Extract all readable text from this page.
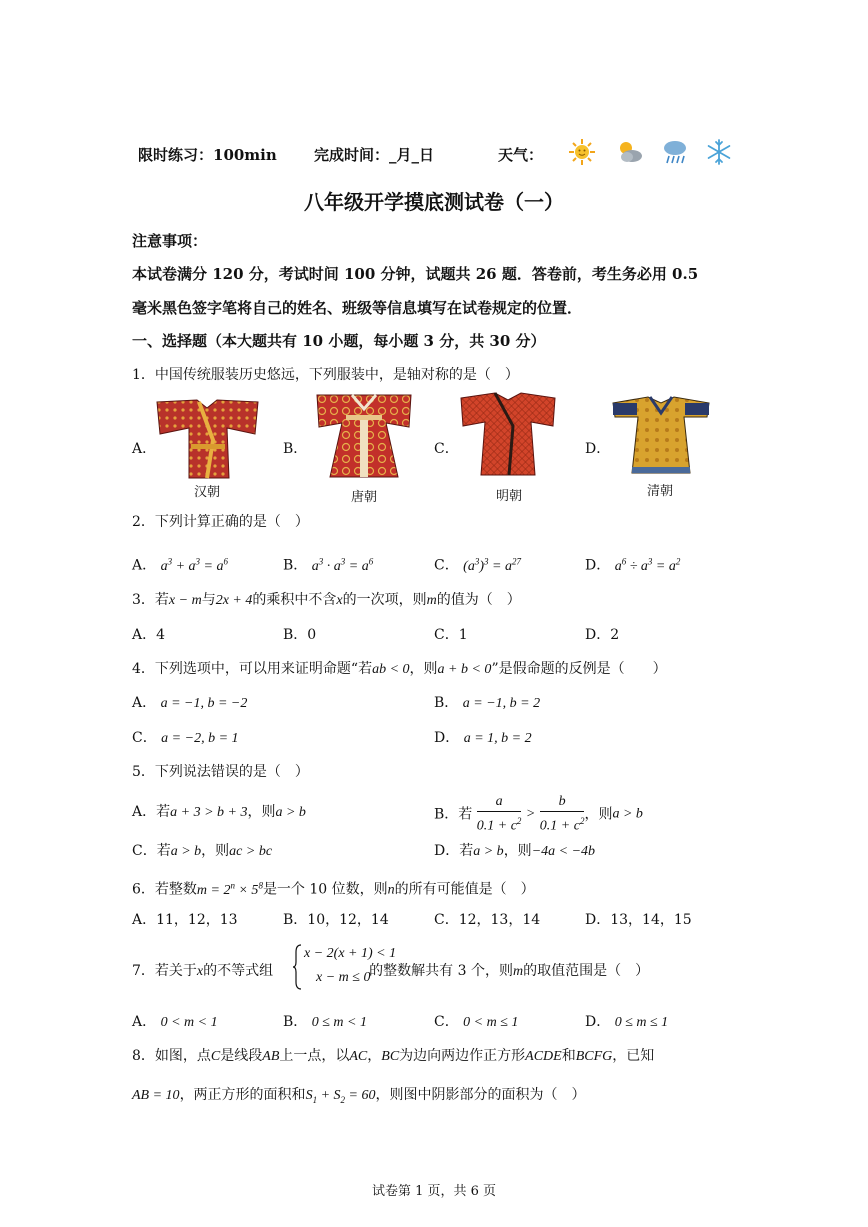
限时练习：100min 完成时间：_月_日	天气：
八年级开学摸底测试卷（一）
注意事项：
本试卷满分 120 分，考试时间 100 分钟，试题共 26 题．答卷前，考生务必用 0.5
毫米黑色签字笔将自己的姓名、班级等信息填写在试卷规定的位置．
一、选择题（本大题共有 10 小题，每小题 3 分，共 30 分）
1．中国传统服装历史悠远，下列服装中，是轴对称的是（　）
A．	B．	C．	D．
汉朝	唐朝	明朝	清朝
2．下列计算正确的是（　）
A． $a^3 + a^3 = a^6$	B． $a^3 \cdot a^3 = a^6$	C． $(a^3)^3 = a^{27}$	D． $a^6 \div a^3 = a^2$
3．若x − m与2x + 4的乘积中不含x的一次项，则m的值为（　）
A．4	B．0	C．1	D．2
4．下列选项中，可以用来证明命题“若ab < 0，则a + b < 0”是假命题的反例是（　　）
A． a = −1, b = −2	B． a = −1, b = 2
C． a = −2, b = 1	D． a = 1, b = 2
5．下列说法错误的是（　）
A．若a + 3 > b + 3，则a > b	B．若 $\frac{a}{0.1 + c^2} > \frac{b}{0.1 + c^2}$ ，则a > b
C．若a > b，则ac > bc	D．若a > b，则−4a < −4b
6．若整数$m = 2^n \times 5^8$是一个 10 位数，则n的所有可能值是（　）
A．11，12，13	B．10，12，14	C．12，13，14	D．13，14，15
7．若关于x的不等式组	的整数解共有 3 个，则m的取值范围是（　）
x − 2(x + 1) < 1
x − m ≤ 0
A． 0 < m < 1	B． 0 ≤ m < 1	C． 0 < m ≤ 1	D． 0 ≤ m ≤ 1
8．如图，点C是线段AB上一点，以AC，BC为边向两边作正方形ACDE和BCFG，已知
AB = 10，两正方形的面积和$S_1 + S_2 = 60$，则图中阴影部分的面积为（　）
试卷第 1 页，共 6 页
